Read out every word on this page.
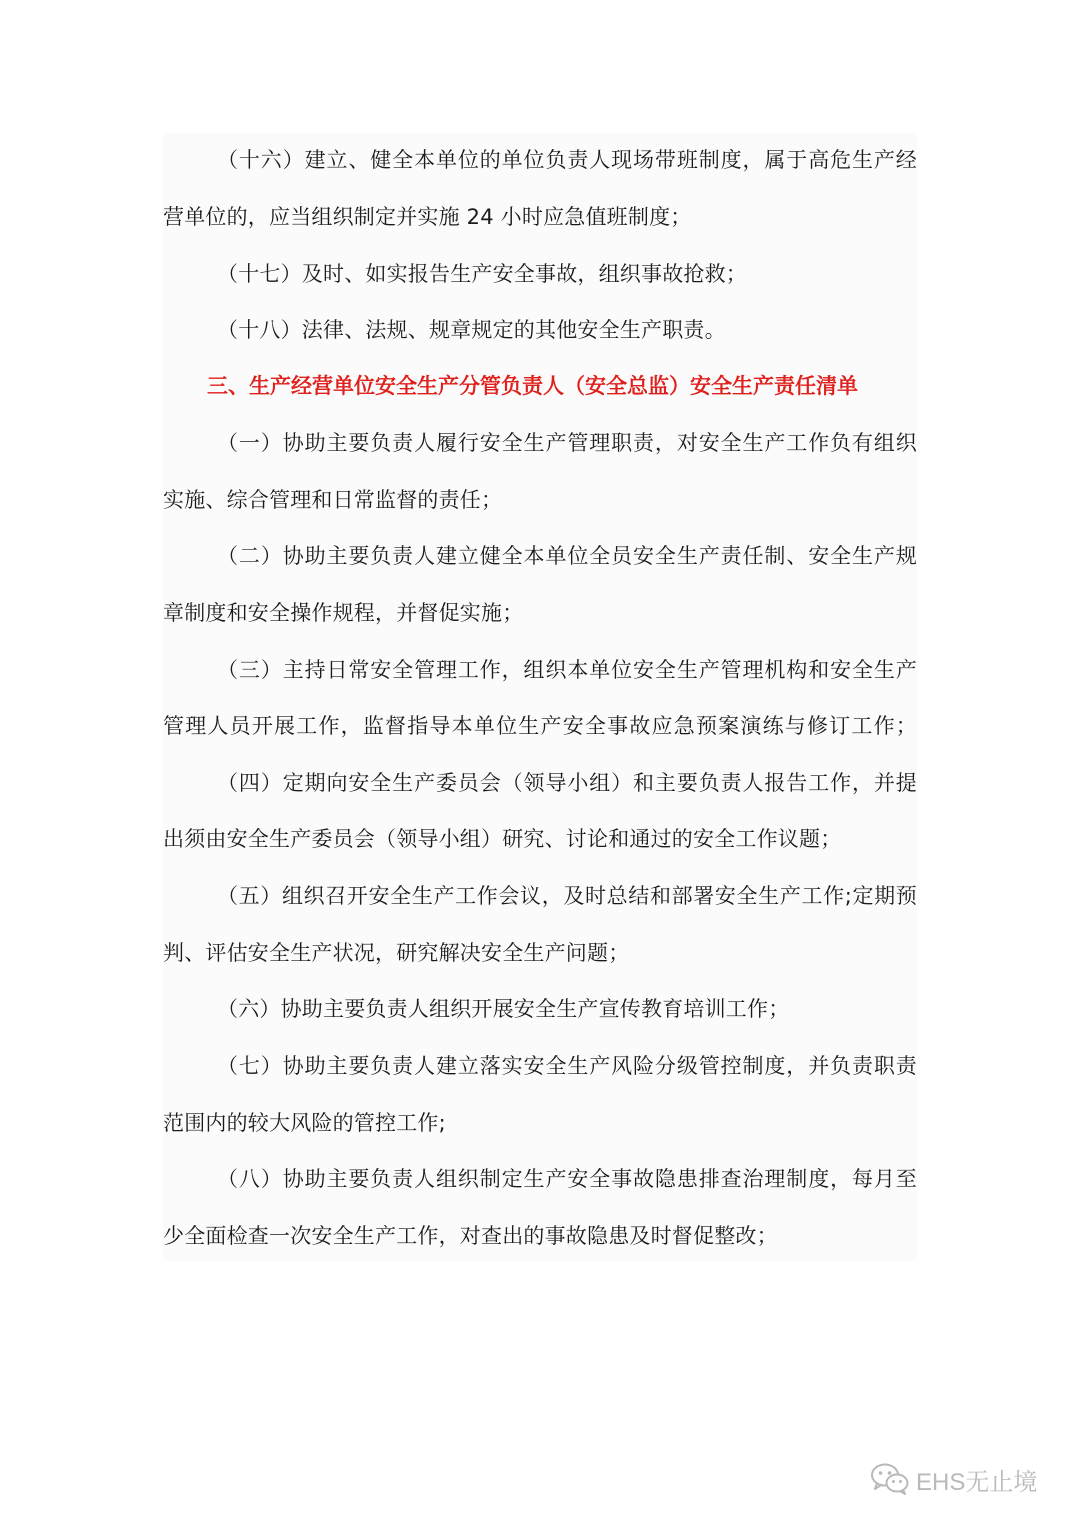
（十六）建立、健全本单位的单位负责人现场带班制度，属于高危生产经
营单位的，应当组织制定并实施 24 小时应急值班制度；
（十七）及时、如实报告生产安全事故，组织事故抢救；
（十八）法律、法规、规章规定的其他安全生产职责。
三、生产经营单位安全生产分管负责人（安全总监）安全生产责任清单
（一）协助主要负责人履行安全生产管理职责，对安全生产工作负有组织
实施、综合管理和日常监督的责任；
（二）协助主要负责人建立健全本单位全员安全生产责任制、安全生产规
章制度和安全操作规程，并督促实施；
（三）主持日常安全管理工作，组织本单位安全生产管理机构和安全生产
管理人员开展工作，监督指导本单位生产安全事故应急预案演练与修订工作；
（四）定期向安全生产委员会（领导小组）和主要负责人报告工作，并提
出须由安全生产委员会（领导小组）研究、讨论和通过的安全工作议题；
（五）组织召开安全生产工作会议，及时总结和部署安全生产工作;定期预
判、评估安全生产状况，研究解决安全生产问题；
（六）协助主要负责人组织开展安全生产宣传教育培训工作；
（七）协助主要负责人建立落实安全生产风险分级管控制度，并负责职责
范围内的较大风险的管控工作;
（八）协助主要负责人组织制定生产安全事故隐患排查治理制度，每月至
少全面检查一次安全生产工作，对查出的事故隐患及时督促整改；
EHS无止境
